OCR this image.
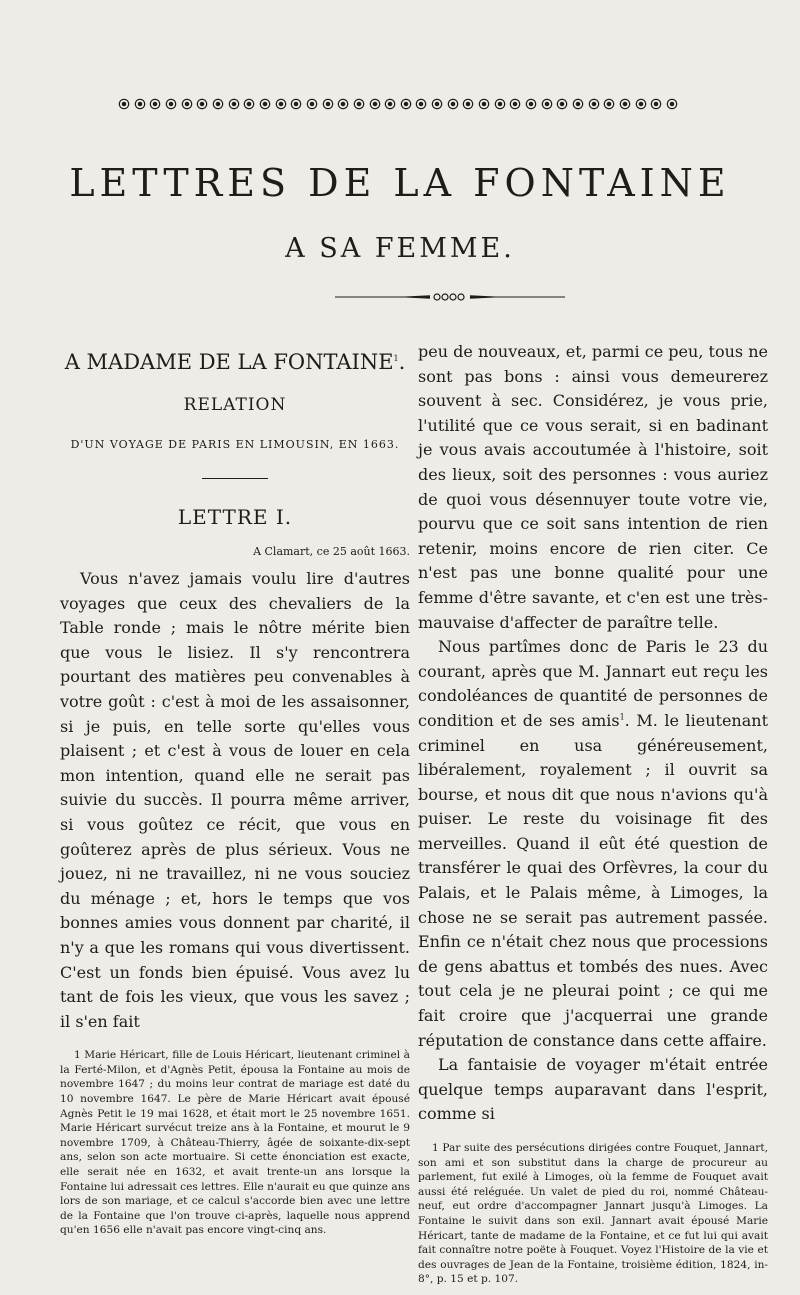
LETTRES DE LA FONTAINE
A SA FEMME.

A MADAME DE LA FONTAINE$^1$.

RELATION

D'UN VOYAGE DE PARIS EN LIMOUSIN, EN 1663.

LETTRE I.

A Clamart, ce 25 août 1663.

Vous n'avez jamais voulu lire d'autres voyages que ceux des chevaliers de la Table ronde ; mais le nôtre mérite bien que vous le lisiez. Il s'y rencontrera pourtant des matières peu convenables à votre goût : c'est à moi de les assaisonner, si je puis, en telle sorte qu'elles vous plaisent ; et c'est à vous de louer en cela mon intention, quand elle ne serait pas suivie du succès. Il pourra même arriver, si vous goûtez ce récit, que vous en goûterez après de plus sérieux. Vous ne jouez, ni ne travaillez, ni ne vous souciez du ménage ; et, hors le temps que vos bonnes amies vous donnent par charité, il n'y a que les romans qui vous divertissent. C'est un fonds bien épuisé. Vous avez lu tant de fois les vieux, que vous les savez ; il s'en fait

1 Marie Héricart, fille de Louis Héricart, lieutenant criminel à la Ferté-Milon, et d'Agnès Petit, épousa la Fontaine au mois de novembre 1647 ; du moins leur contrat de mariage est daté du 10 novembre 1647. Le père de Marie Héricart avait épousé Agnès Petit le 19 mai 1628, et était mort le 25 novembre 1651. Marie Héricart survécut treize ans à la Fontaine, et mourut le 9 novembre 1709, à Château-Thierry, âgée de soixante-dix-sept ans, selon son acte mortuaire. Si cette énonciation est exacte, elle serait née en 1632, et avait trente-un ans lorsque la Fontaine lui adressait ces lettres. Elle n'aurait eu que quinze ans lors de son mariage, et ce calcul s'accorde bien avec une lettre de la Fontaine que l'on trouve ci-après, laquelle nous apprend qu'en 1656 elle n'avait pas encore vingt-cinq ans.

peu de nouveaux, et, parmi ce peu, tous ne sont pas bons : ainsi vous demeurerez souvent à sec. Considérez, je vous prie, l'utilité que ce vous serait, si en badinant je vous avais accoutumée à l'histoire, soit des lieux, soit des personnes : vous auriez de quoi vous désennuyer toute votre vie, pourvu que ce soit sans intention de rien retenir, moins encore de rien citer. Ce n'est pas une bonne qualité pour une femme d'être savante, et c'en est une très-mauvaise d'affecter de paraître telle.

Nous partîmes donc de Paris le 23 du courant, après que M. Jannart eut reçu les condoléances de quantité de personnes de condition et de ses amis$^1$. M. le lieutenant criminel en usa généreusement, libéralement, royalement ; il ouvrit sa bourse, et nous dit que nous n'avions qu'à puiser. Le reste du voisinage fit des merveilles. Quand il eût été question de transférer le quai des Orfèvres, la cour du Palais, et le Palais même, à Limoges, la chose ne se serait pas autrement passée. Enfin ce n'était chez nous que processions de gens abattus et tombés des nues. Avec tout cela je ne pleurai point ; ce qui me fait croire que j'acquerrai une grande réputation de constance dans cette affaire.

La fantaisie de voyager m'était entrée quelque temps auparavant dans l'esprit, comme si

1 Par suite des persécutions dirigées contre Fouquet, Jannart, son ami et son substitut dans la charge de procureur au parlement, fut exilé à Limoges, où la femme de Fouquet avait aussi été reléguée. Un valet de pied du roi, nommé Château-neuf, eut ordre d'accompagner Jannart jusqu'à Limoges. La Fontaine le suivit dans son exil. Jannart avait épousé Marie Héricart, tante de madame de la Fontaine, et ce fut lui qui avait fait connaître notre poëte à Fouquet. Voyez l'Histoire de la vie et des ouvrages de Jean de la Fontaine, troisième édition, 1824, in-8°, p. 15 et p. 107.
